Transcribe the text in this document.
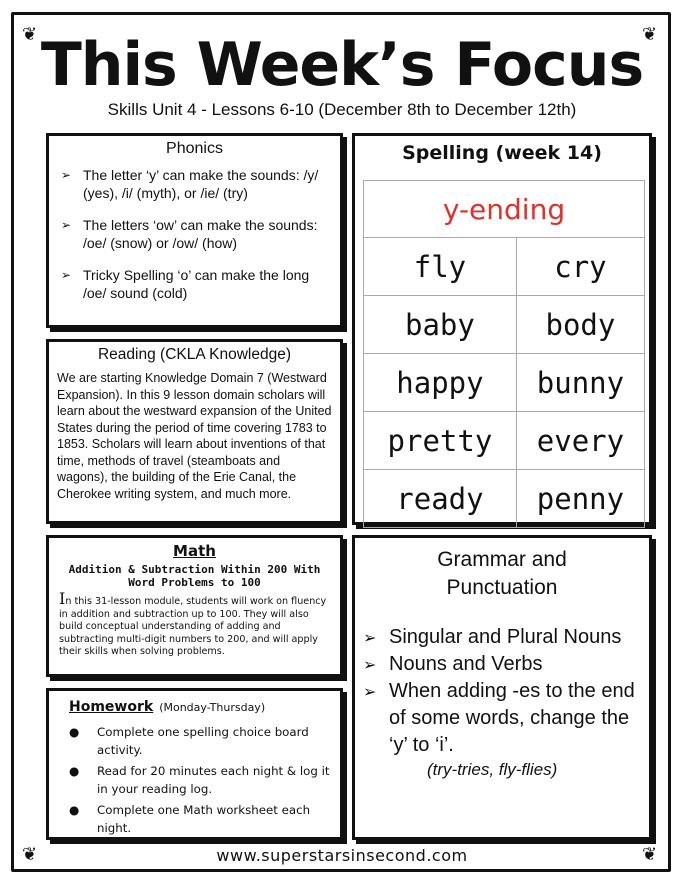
❦	❦
❦	❦
This Week’s Focus
Skills Unit 4 - Lessons 6-10 (December 8th to December 12th)
Phonics
➢ The letter ‘y’ can make the sounds: /y/ (yes), /i/ (myth), or /ie/ (try)
➢ The letters ‘ow’ can make the sounds: /oe/ (snow) or /ow/ (how)
➢ Tricky Spelling ‘o’ can make the long /oe/ sound (cold)
Reading (CKLA Knowledge)
We are starting Knowledge Domain 7 (Westward Expansion). In this 9 lesson domain scholars will learn about the westward expansion of the United States during the period of time covering 1783 to 1853. Scholars will learn about inventions of that time, methods of travel (steamboats and wagons), the building of the Erie Canal, the Cherokee writing system, and much more.
Math
Addition & Subtraction Within 200 With Word Problems to 100
In this 31-lesson module, students will work on fluency in addition and subtraction up to 100. They will also build conceptual understanding of adding and subtracting multi-digit numbers to 200, and will apply their skills when solving problems.
Homework (Monday-Thursday)
● Complete one spelling choice board activity.
● Read for 20 minutes each night & log it in your reading log.
● Complete one Math worksheet each night.
Spelling (week 14)
y-ending	
fly	cry
baby	body
happy	bunny
pretty	every
ready	penny
Grammar and
Punctuation
➢ Singular and Plural Nouns
➢ Nouns and Verbs
➢ When adding -es to the end of some words, change the ‘y’ to ‘i’.
(try-tries, fly-flies)
www.superstarsinsecond.com
